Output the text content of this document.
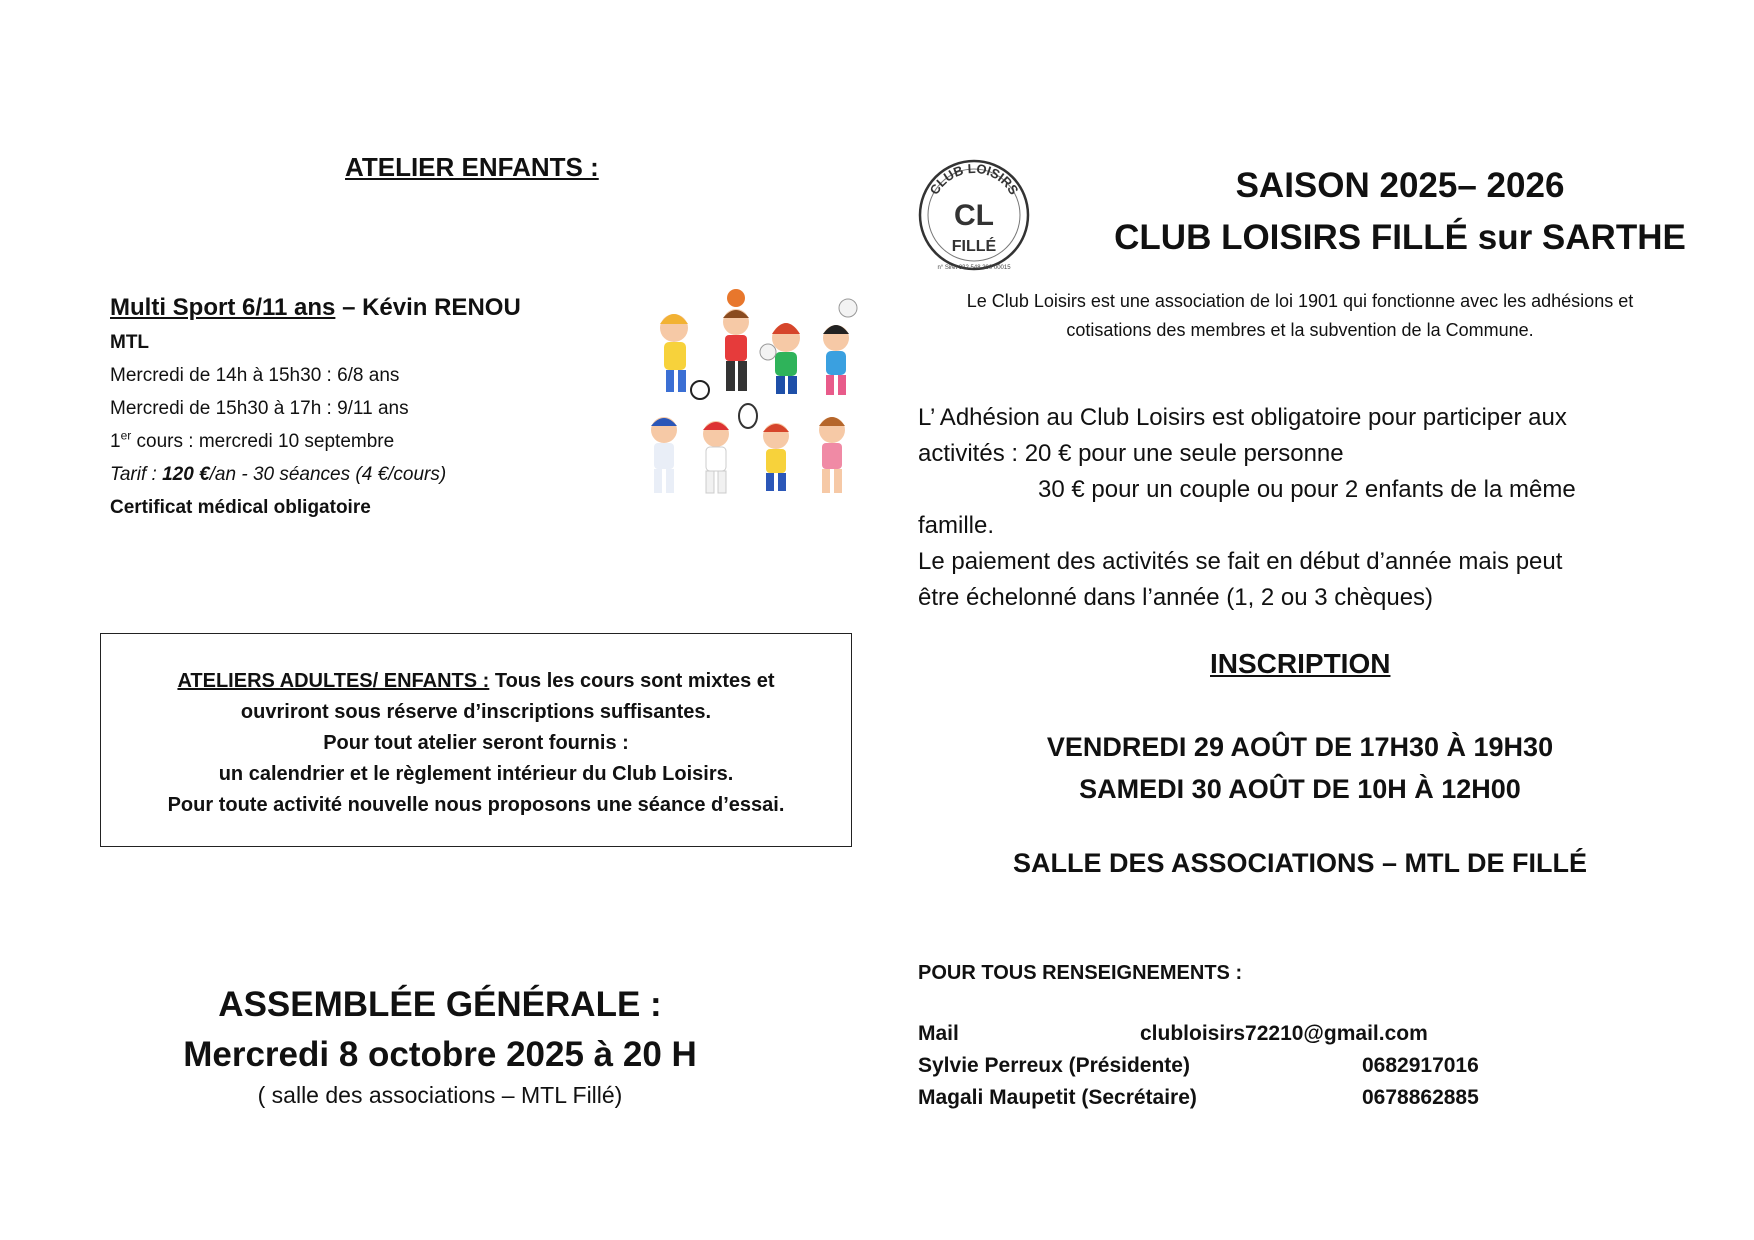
ATELIER ENFANTS :
Multi Sport 6/11 ans – Kévin RENOU
MTL
Mercredi de 14h à 15h30 : 6/8 ans
Mercredi de 15h30 à 17h : 9/11 ans
1er cours : mercredi 10 septembre
Tarif : 120 €/an - 30 séances (4 €/cours)
Certificat médical obligatoire
ATELIERS ADULTES/ ENFANTS : Tous les cours sont mixtes et
ouvriront sous réserve d’inscriptions suffisantes.
Pour tout atelier seront fournis :
un calendrier et le règlement intérieur du Club Loisirs.
Pour toute activité nouvelle nous proposons une séance d’essai.
ASSEMBLÉE GÉNÉRALE :
Mercredi 8 octobre 2025 à 20 H
( salle des associations – MTL Fillé)
CLUB LOISIRS
CL
FILLÉ
n° Siret 332 548 390 00015
SAISON 2025– 2026
CLUB LOISIRS FILLÉ sur SARTHE
Le Club Loisirs est une association de loi 1901 qui fonctionne avec les adhésions et
cotisations des membres et la subvention de la Commune.
L’ Adhésion au Club Loisirs est obligatoire pour participer aux
activités : 20 € pour une seule personne
30 € pour un couple ou pour 2 enfants de la même
famille.
Le paiement des activités se fait en début d’année mais peut
être échelonné dans l’année (1, 2 ou 3 chèques)
INSCRIPTION
VENDREDI 29 AOÛT DE 17H30 À 19H30
SAMEDI 30 AOÛT DE 10H À 12H00
SALLE DES ASSOCIATIONS – MTL DE FILLÉ
POUR TOUS RENSEIGNEMENTS :
Mail	clubloisirs72210@gmail.com
Sylvie Perreux (Présidente)	0682917016
Magali Maupetit (Secrétaire)	0678862885
